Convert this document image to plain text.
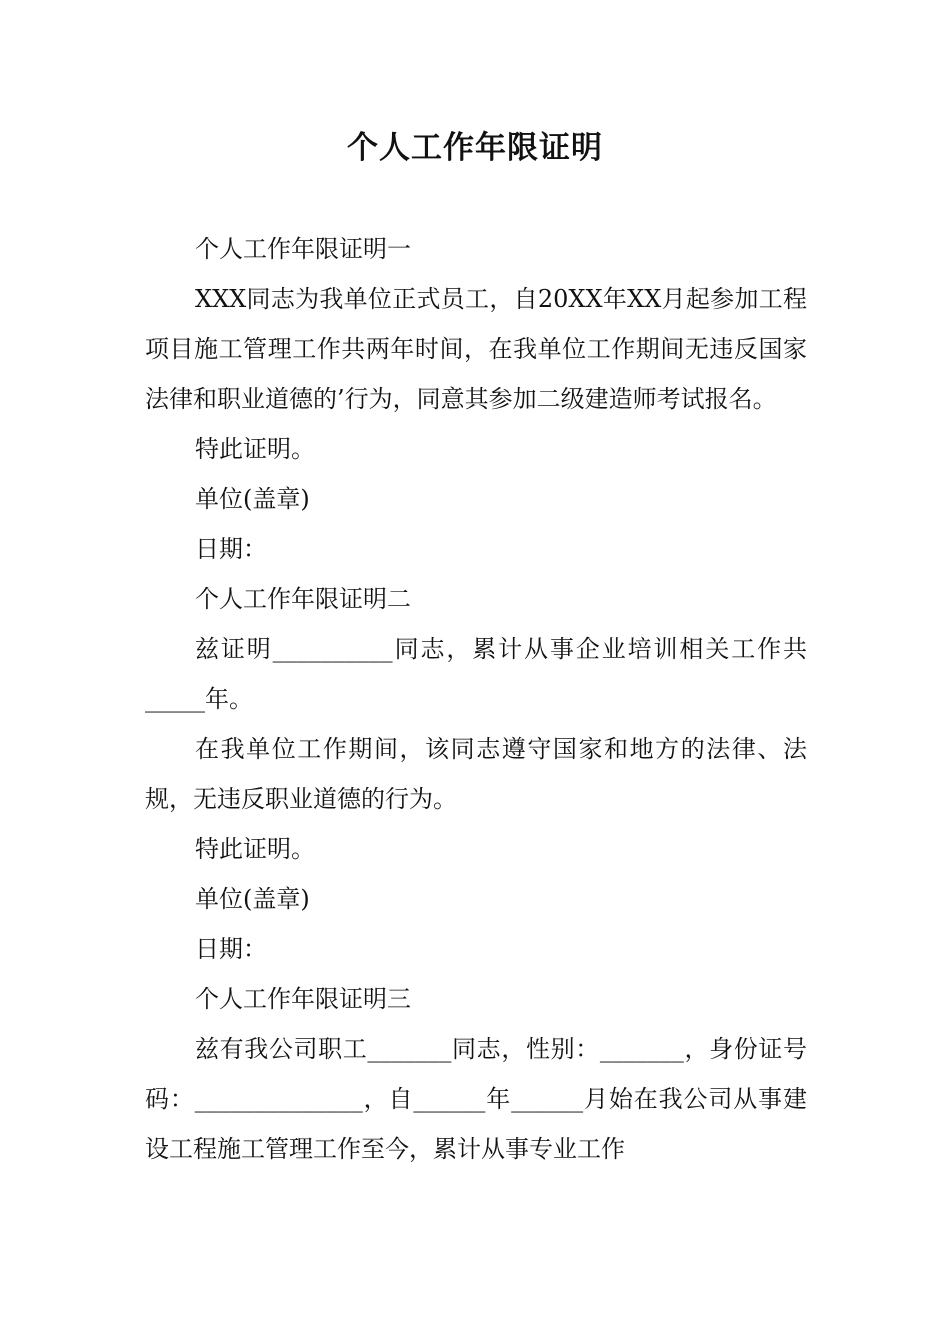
个人工作年限证明

个人工作年限证明一

XXX同志为我单位正式员工，自20XX年XX月起参加工程项目施工管理工作共两年时间，在我单位工作期间无违反国家法律和职业道德的’行为，同意其参加二级建造师考试报名。

特此证明。

单位(盖章)

日期：

个人工作年限证明二

兹证明__________同志，累计从事企业培训相关工作共_____年。

在我单位工作期间，该同志遵守国家和地方的法律、法规，无违反职业道德的行为。

特此证明。

单位(盖章)

日期：

个人工作年限证明三

兹有我公司职工_______同志，性别：_______，身份证号码：______________，自______年______月始在我公司从事建设工程施工管理工作至今，累计从事专业工作
